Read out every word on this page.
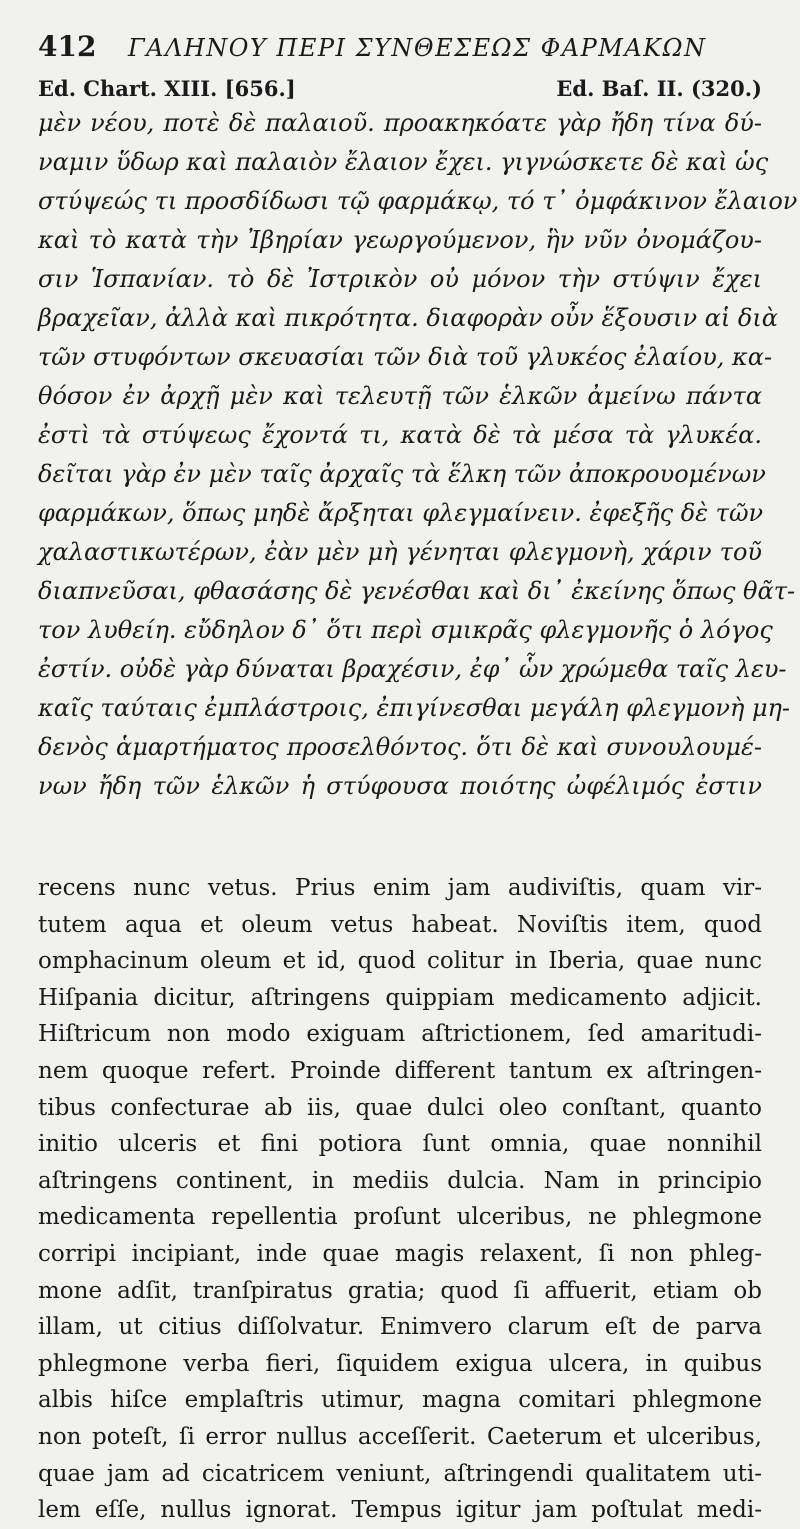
412	ΓΑΛΗΝΟΥ ΠΕΡΙ ΣΥΝΘΕΣΕΩΣ ΦΑΡΜΑΚΩΝ
Ed. Chart. XIII. [656.]	Ed. Baſ. II. (320.)
μὲν νέου, ποτὲ δὲ παλαιοῦ. προακηκόατε γὰρ ἤδη τίνα δύ-
ναμιν ὕδωρ καὶ παλαιὸν ἔλαιον ἔχει. γιγνώσκετε δὲ καὶ ὡς
στύψεώς τι προσδίδωσι τῷ φαρμάκῳ, τό τ᾽ ὀμφάκινον ἔλαιον
καὶ τὸ κατὰ τὴν Ἰβηρίαν γεωργούμενον, ἣν νῦν ὀνομάζου-
σιν Ἱσπανίαν. τὸ δὲ Ἰστρικὸν οὐ μόνον τὴν στύψιν ἔχει
βραχεῖαν, ἀλλὰ καὶ πικρότητα. διαφορὰν οὖν ἕξουσιν αἱ διὰ
τῶν στυφόντων σκευασίαι τῶν διὰ τοῦ γλυκέος ἐλαίου, κα-
θόσον ἐν ἀρχῇ μὲν καὶ τελευτῇ τῶν ἑλκῶν ἀμείνω πάντα
ἐστὶ τὰ στύψεως ἔχοντά τι, κατὰ δὲ τὰ μέσα τὰ γλυκέα.
δεῖται γὰρ ἐν μὲν ταῖς ἀρχαῖς τὰ ἕλκη τῶν ἀποκρουομένων
φαρμάκων, ὅπως μηδὲ ἄρξηται φλεγμαίνειν. ἐφεξῆς δὲ τῶν
χαλαστικωτέρων, ἐὰν μὲν μὴ γένηται φλεγμονὴ, χάριν τοῦ
διαπνεῦσαι, φθασάσης δὲ γενέσθαι καὶ δι᾽ ἐκείνης ὅπως θᾶτ-
τον λυθείη. εὔδηλον δ᾽ ὅτι περὶ σμικρᾶς φλεγμονῆς ὁ λόγος
ἐστίν. οὐδὲ γὰρ δύναται βραχέσιν, ἐφ᾽ ὧν χρώμεθα ταῖς λευ-
καῖς ταύταις ἐμπλάστροις, ἐπιγίνεσθαι μεγάλη φλεγμονὴ μη-
δενὸς ἁμαρτήματος προσελθόντος. ὅτι δὲ καὶ συνουλουμέ-
νων ἤδη τῶν ἑλκῶν ἡ στύφουσα ποιότης ὠφέλιμός ἐστιν
recens nunc vetus. Prius enim jam audiviſtis, quam vir-
tutem aqua et oleum vetus habeat. Noviſtis item, quod
omphacinum oleum et id, quod colitur in Iberia, quae nunc
Hiſpania dicitur, aſtringens quippiam medicamento adjicit.
Hiſtricum non modo exiguam aſtrictionem, ſed amaritudi-
nem quoque refert. Proinde different tantum ex aſtringen-
tibus confecturae ab iis, quae dulci oleo conſtant, quanto
initio ulceris et fini potiora ſunt omnia, quae nonnihil
aſtringens continent, in mediis dulcia. Nam in principio
medicamenta repellentia proſunt ulceribus, ne phlegmone
corripi incipiant, inde quae magis relaxent, ſi non phleg-
mone adſit, tranſpiratus gratia; quod ſi affuerit, etiam ob
illam, ut citius diſſolvatur. Enimvero clarum eſt de parva
phlegmone verba fieri, ſiquidem exigua ulcera, in quibus
albis hiſce emplaſtris utimur, magna comitari phlegmone
non poteſt, ſi error nullus acceſſerit. Caeterum et ulceribus,
quae jam ad cicatricem veniunt, aſtringendi qualitatem uti-
lem eſſe, nullus ignorat. Tempus igitur jam poſtulat medi-
